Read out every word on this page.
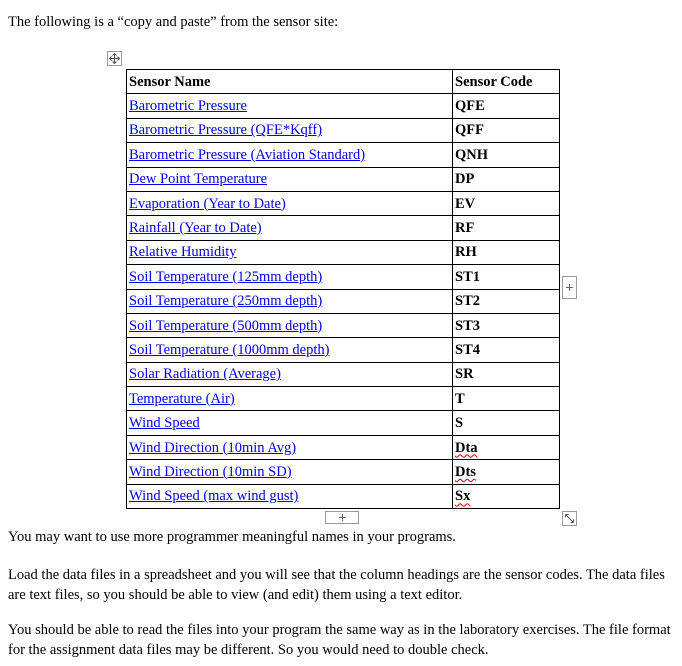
The following is a “copy and paste” from the sensor site:

Sensor Name	Sensor Code
Barometric Pressure	QFE
Barometric Pressure (QFE*Kqff)	QFF
Barometric Pressure (Aviation Standard)	QNH
Dew Point Temperature	DP
Evaporation (Year to Date)	EV
Rainfall (Year to Date)	RF
Relative Humidity	RH
Soil Temperature (125mm depth)	ST1
Soil Temperature (250mm depth)	ST2
Soil Temperature (500mm depth)	ST3
Soil Temperature (1000mm depth)	ST4
Solar Radiation (Average)	SR
Temperature (Air)	T
Wind Speed	S
Wind Direction (10min Avg)	Dta
Wind Direction (10min SD)	Dts
Wind Speed (max wind gust)	Sx

You may want to use more programmer meaningful names in your programs.

Load the data files in a spreadsheet and you will see that the column headings are the sensor codes. The data files are text files, so you should be able to view (and edit) them using a text editor.

You should be able to read the files into your program the same way as in the laboratory exercises. The file format for the assignment data files may be different. So you would need to double check.
